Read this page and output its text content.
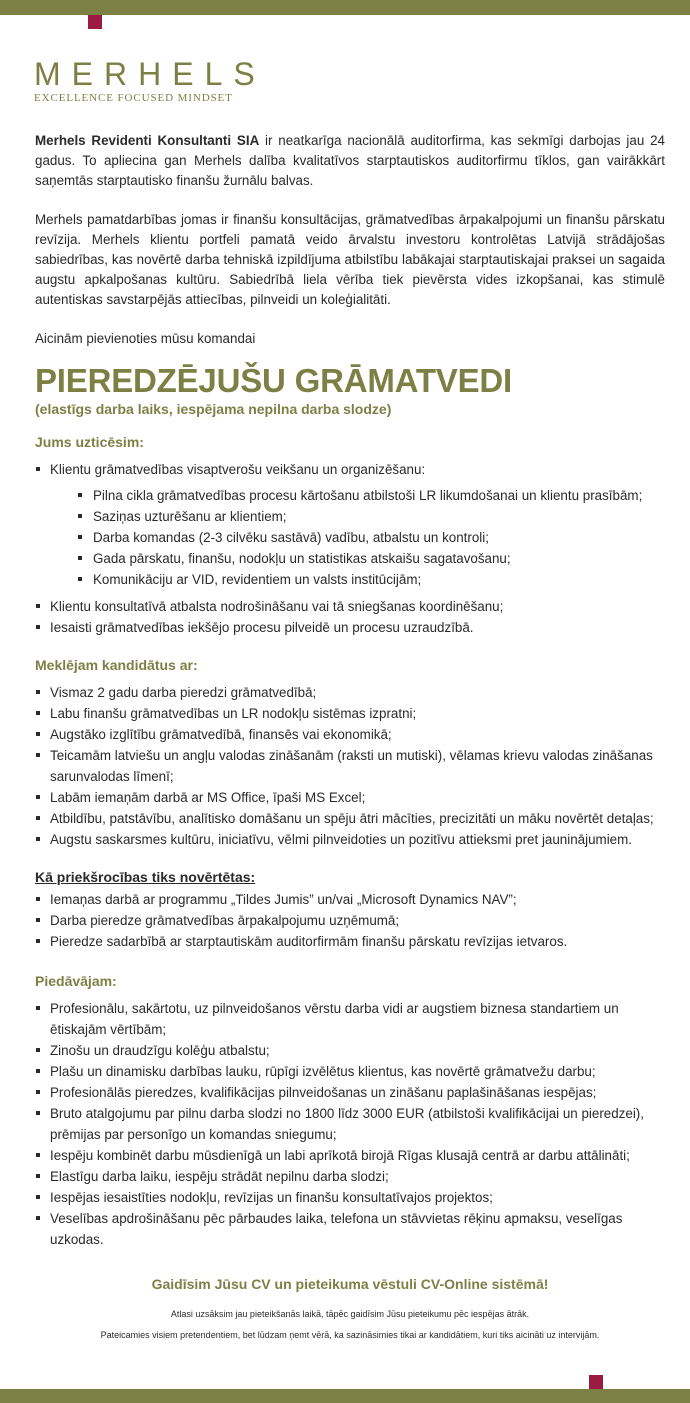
MERHELS
EXCELLENCE FOCUSED MINDSET

Merhels Revidenti Konsultanti SIA ir neatkarīga nacionālā auditorfirma, kas sekmīgi darbojas jau 24 gadus. To apliecina gan Merhels dalība kvalitatīvos starptautiskos auditorfirmu tīklos, gan vairākkārt saņemtās starptautisko finanšu žurnālu balvas.

Merhels pamatdarbības jomas ir finanšu konsultācijas, grāmatvedības ārpakalpojumi un finanšu pārskatu revīzija. Merhels klientu portfeli pamatā veido ārvalstu investoru kontrolētas Latvijā strādājošas sabiedrības, kas novērtē darba tehniskā izpildījuma atbilstību labākajai starptautiskajai praksei un sagaida augstu apkalpošanas kultūru. Sabiedrībā liela vērība tiek pievērsta vides izkopšanai, kas stimulē autentiskas savstarpējās attiecības, pilnveidi un koleģialitāti.

Aicinām pievienoties mūsu komandai

PIEREDZĒJUŠU GRĀMATVEDI

(elastīgs darba laiks, iespējama nepilna darba slodze)

Jums uzticēsim:
Klientu grāmatvedības visaptverošu veikšanu un organizēšanu:
Pilna cikla grāmatvedības procesu kārtošanu atbilstoši LR likumdošanai un klientu prasībām;
Saziņas uzturēšanu ar klientiem;
Darba komandas (2-3 cilvēku sastāvā) vadību, atbalstu un kontroli;
Gada pārskatu, finanšu, nodokļu un statistikas atskaišu sagatavošanu;
Komunikāciju ar VID, revidentiem un valsts institūcijām;
Klientu konsultatīvā atbalsta nodrošināšanu vai tā sniegšanas koordinēšanu;
Iesaisti grāmatvedības iekšējo procesu pilveidē un procesu uzraudzībā.
Meklējam kandidātus ar:
Vismaz 2 gadu darba pieredzi grāmatvedībā;
Labu finanšu grāmatvedības un LR nodokļu sistēmas izpratni;
Augstāko izglītību grāmatvedībā, finansēs vai ekonomikā;
Teicamām latviešu un angļu valodas zināšanām (raksti un mutiski), vēlamas krievu valodas zināšanas sarunvalodas līmenī;
Labām iemaņām darbā ar MS Office, īpaši MS Excel;
Atbildību, patstāvību, analītisko domāšanu un spēju ātri mācīties, precizitāti un māku novērtēt detaļas;
Augstu saskarsmes kultūru, iniciatīvu, vēlmi pilnveidoties un pozitīvu attieksmi pret jauninājumiem.
Kā priekšrocības tiks novērtētas:
Iemaņas darbā ar programmu „Tildes Jumis” un/vai „Microsoft Dynamics NAV”;
Darba pieredze grāmatvedības ārpakalpojumu uzņēmumā;
Pieredze sadarbībā ar starptautiskām auditorfirmām finanšu pārskatu revīzijas ietvaros.
Piedāvājam:
Profesionālu, sakārtotu, uz pilnveidošanos vērstu darba vidi ar augstiem biznesa standartiem un ētiskajām vērtībām;
Zinošu un draudzīgu kolēģu atbalstu;
Plašu un dinamisku darbības lauku, rūpīgi izvēlētus klientus, kas novērtē grāmatvežu darbu;
Profesionālās pieredzes, kvalifikācijas pilnveidošanas un zināšanu paplašināšanas iespējas;
Bruto atalgojumu par pilnu darba slodzi no 1800 līdz 3000 EUR (atbilstoši kvalifikācijai un pieredzei), prēmijas par personīgo un komandas sniegumu;
Iespēju kombinēt darbu mūsdienīgā un labi aprīkotā birojā Rīgas klusajā centrā ar darbu attālināti;
Elastīgu darba laiku, iespēju strādāt nepilnu darba slodzi;
Iespējas iesaistīties nodokļu, revīzijas un finanšu konsultatīvajos projektos;
Veselības apdrošināšanu pēc pārbaudes laika, telefona un stāvvietas rēķinu apmaksu, veselīgas uzkodas.

Gaidīsim Jūsu CV un pieteikuma vēstuli CV-Online sistēmā!

Atlasi uzsāksim jau pieteikšanās laikā, tāpēc gaidīsim Jūsu pieteikumu pēc iespējas ātrāk.

Pateicamies visiem pretendentiem, bet lūdzam ņemt vērā, ka sazināsimies tikai ar kandidātiem, kuri tiks aicināti uz intervijām.
